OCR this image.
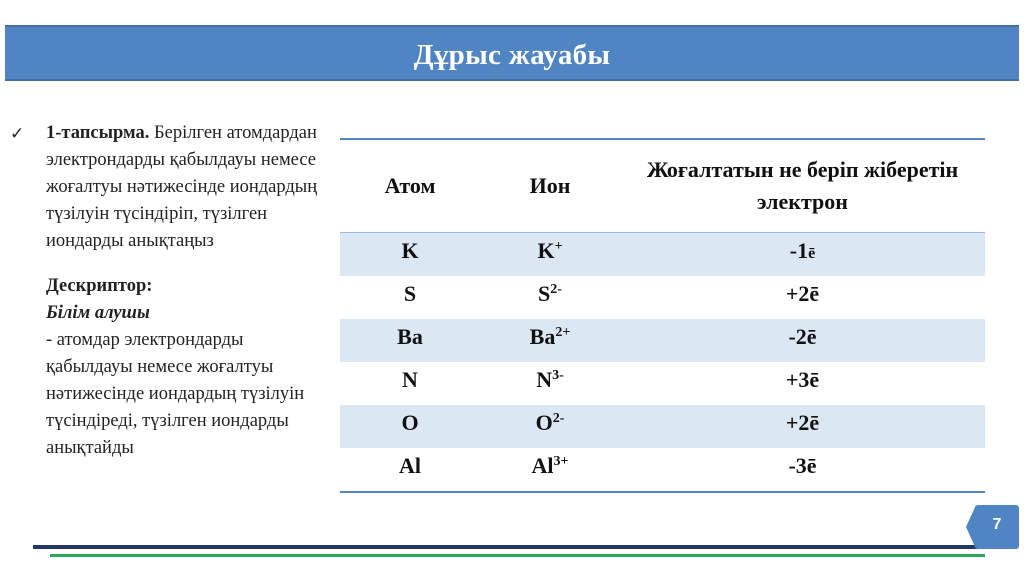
Дұрыс жауабы
✓ 1-тапсырма. Берілген атомдардан электрондарды қабылдауы немесе жоғалтуы нәтижесінде иондардың түзілуін түсіндіріп, түзілген иондарды анықтаңыз
Дескриптор:
Білім алушы
- атомдар электрондарды қабылдауы немесе жоғалтуы нәтижесінде иондардың түзілуін түсіндіреді, түзілген иондарды анықтайды
Атом	Ион	Жоғалтатын не беріп жіберетін электрон
K	K+	-1ē
S	$S^{2-}$	+2ē
Ba	$Ba^{2+}$	-2ē
N	$N^{3-}$	+3ē
O	$O^{2-}$	+2ē
Al	$Al^{3+}$	-3ē
7
